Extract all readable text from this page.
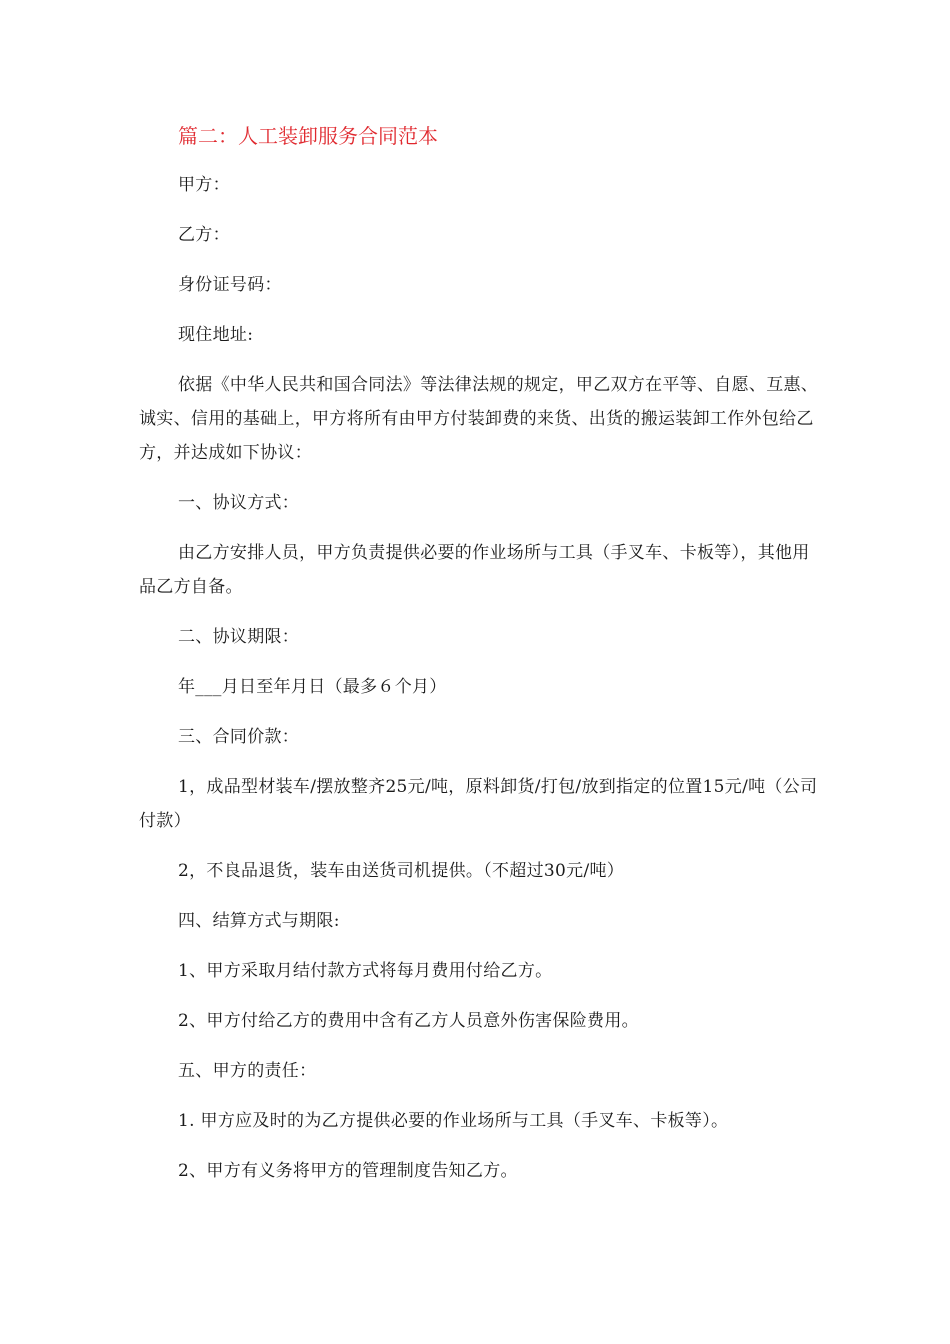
篇二：人工装卸服务合同范本

甲方：

乙方：

身份证号码：

现住地址:

依据《中华人民共和国合同法》等法律法规的规定，甲乙双方在平等、自愿、互惠、诚实、信用的基础上，甲方将所有由甲方付装卸费的来货、出货的搬运装卸工作外包给乙方，并达成如下协议：

一、协议方式：

由乙方安排人员，甲方负责提供必要的作业场所与工具（手叉车、卡板等），其他用品乙方自备。

二、协议期限：

年___月日至年月日（最多６个月）

三、合同价款：

1，成品型材装车/摆放整齐25元/吨，原料卸货/打包/放到指定的位置15元/吨（公司付款）

2，不良品退货，装车由送货司机提供。（不超过30元/吨）

四、结算方式与期限:

1、甲方采取月结付款方式将每月费用付给乙方。

2、甲方付给乙方的费用中含有乙方人员意外伤害保险费用。

五、甲方的责任：

1. 甲方应及时的为乙方提供必要的作业场所与工具（手叉车、卡板等）。

2、甲方有义务将甲方的管理制度告知乙方。
